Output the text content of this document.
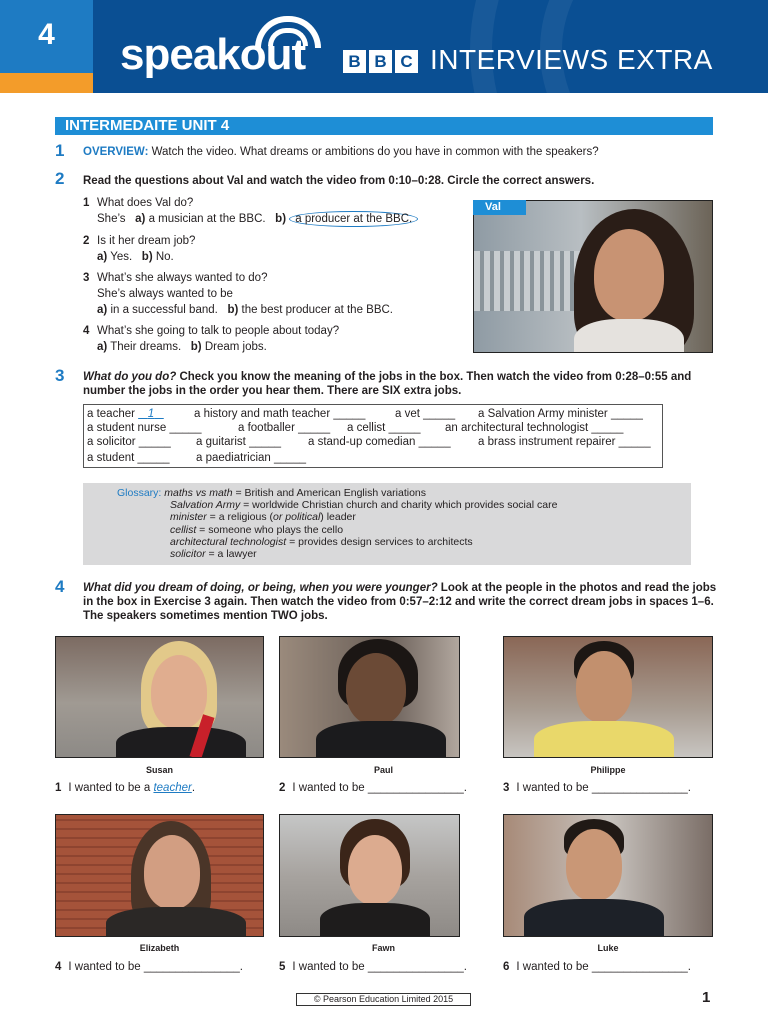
4	speakout	B B C INTERVIEWS EXTRA
INTERMEDAITE UNIT 4
1 OVERVIEW: Watch the video. What dreams or ambitions do you have in common with the speakers?
2 Read the questions about Val and watch the video from 0:10–0:28. Circle the correct answers.
1 What does Val do?
She’s a) a musician at the BBC. b) a producer at the BBC.
2 Is it her dream job?
a) Yes. b) No.
3 What’s she always wanted to do?
She’s always wanted to be
a) in a successful band. b) the best producer at the BBC.
4 What’s she going to talk to people about today?
a) Their dreams. b) Dream jobs.
Val
3 What do you do? Check you know the meaning of the jobs in the box. Then watch the video from 0:28–0:55 and
number the jobs in the order you hear them. There are SIX extra jobs.
a teacher 1	a history and math teacher _____	a vet _____ a Salvation Army minister _____
a student nurse _____	a footballer _____ a cellist _____ an architectural technologist _____
a solicitor _____ a guitarist _____ a stand-up comedian _____ a brass instrument repairer _____
a student _____ a paediatrician _____
Glossary: maths vs math = British and American English variations
Salvation Army = worldwide Christian church and charity which provides social care
minister = a religious (or political) leader
cellist = someone who plays the cello
architectural technologist = provides design services to architects
solicitor = a lawyer
4 What did you dream of doing, or being, when you were younger? Look at the people in the photos and read the jobs
in the box in Exercise 3 again. Then watch the video from 0:57–2:12 and write the correct dream jobs in spaces 1–6.
The speakers sometimes mention TWO jobs.
Susan	Paul	Philippe
1 I wanted to be a teacher.	2 I wanted to be _______________.	3 I wanted to be _______________.
Elizabeth	Fawn	Luke
4 I wanted to be _______________.	5 I wanted to be _______________.	6 I wanted to be _______________.
© Pearson Education Limited 2015	1
